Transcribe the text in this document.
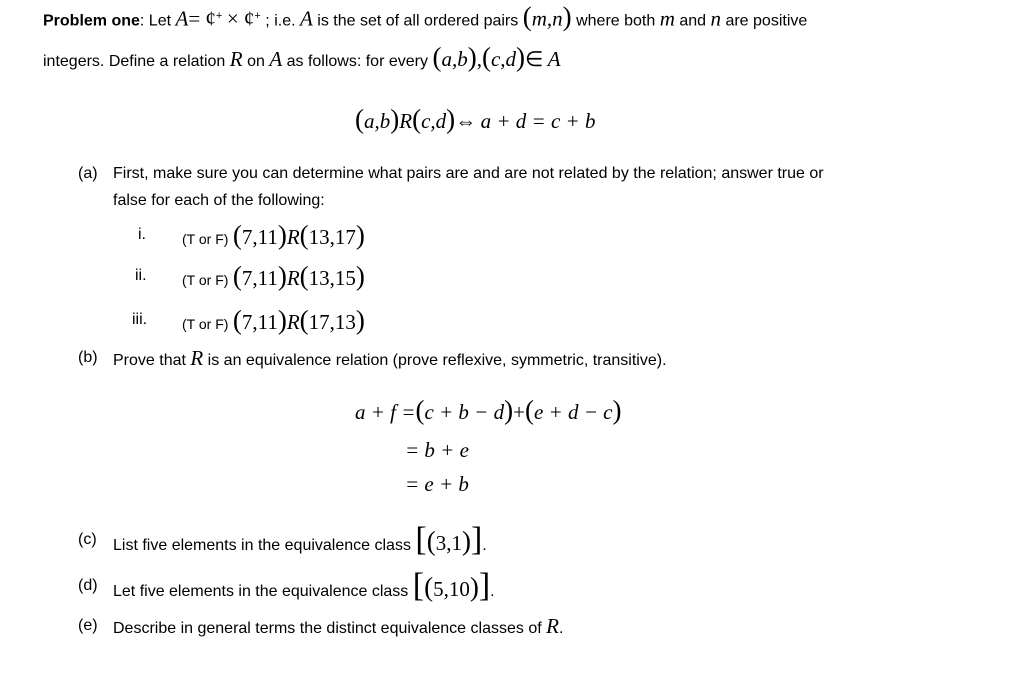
Problem one: Let A= ¢+ × ¢+ ; i.e. A is the set of all ordered pairs (m,n) where both m and n are positive
integers. Define a relation R on A as follows: for every (a,b),(c,d)∈ A
(a,b)R(c,d)⇔ a + d = c + b
(a) First, make sure you can determine what pairs are and are not related by the relation; answer true or
false for each of the following:
i.	(T or F) (7,11)R(13,17)
ii.	(T or F) (7,11)R(13,15)
iii. (T or F) (7,11)R(17,13)
(b) Prove that R is an equivalence relation (prove reflexive, symmetric, transitive).
a + f =(c + b − d)+(e + d − c)
= b + e
= e + b
(c) List five elements in the equivalence class [(3,1)].
(d) Let five elements in the equivalence class [(5,10)].
(e) Describe in general terms the distinct equivalence classes of R.
